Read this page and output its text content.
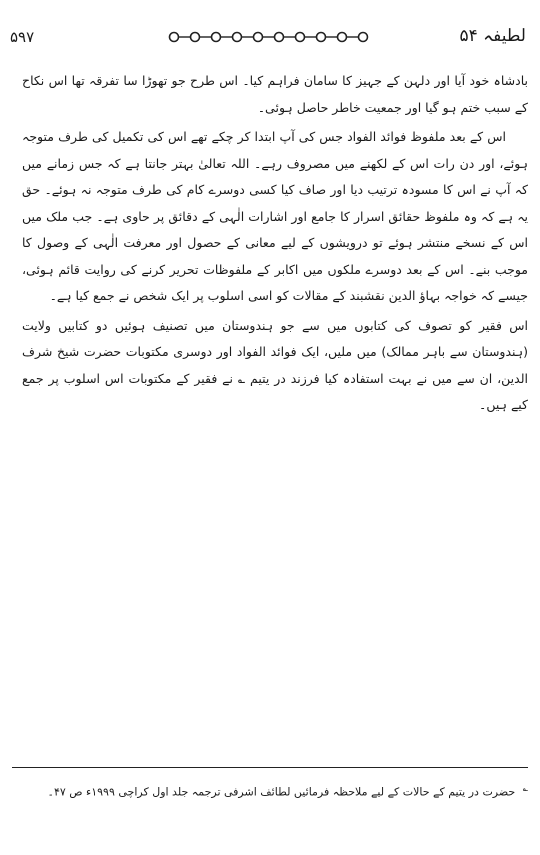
۵۹۷	لطیفہ ۵۴

بادشاہ خود آیا اور دلہن کے جہیز کا سامان فراہم کیا۔ اس طرح جو تھوڑا سا تفرقہ تھا اس نکاح کے سبب ختم ہو گیا اور جمعیت خاطر حاصل ہوئی۔

اس کے بعد ملفوظ فوائد الفواد جس کی آپ ابتدا کر چکے تھے اس کی تکمیل کی طرف متوجہ ہوئے، اور دن رات اس کے لکھنے میں مصروف رہے۔ اللہ تعالیٰ بہتر جانتا ہے کہ جس زمانے میں کہ آپ نے اس کا مسودہ ترتیب دیا اور صاف کیا کسی دوسرے کام کی طرف متوجہ نہ ہوئے۔ حق یہ ہے کہ وہ ملفوظ حقائق اسرار کا جامع اور اشارات الٰہی کے دقائق پر حاوی ہے۔ جب ملک میں اس کے نسخے منتشر ہوئے تو درویشوں کے لیے معانی کے حصول اور معرفت الٰہی کے وصول کا موجب بنے۔ اس کے بعد دوسرے ملکوں میں اکابر کے ملفوظات تحریر کرنے کی روایت قائم ہوئی، جیسے کہ خواجہ بہاؤ الدین نقشبند کے مقالات کو اسی اسلوب پر ایک شخص نے جمع کیا ہے۔

اس فقیر کو تصوف کی کتابوں میں سے جو ہندوستان میں تصنیف ہوئیں دو کتابیں ولایت (ہندوستان سے باہر ممالک) میں ملیں، ایک فوائد الفواد اور دوسری مکتوبات حضرت شیخ شرف الدین، ان سے میں نے بہت استفادہ کیا فرزند در یتیم ؎ نے فقیر کے مکتوبات اس اسلوب پر جمع کیے ہیں۔

؎ حضرت در یتیم کے حالات کے لیے ملاحظہ فرمائیں لطائف اشرفی ترجمہ جلد اول کراچی ۱۹۹۹ء ص ۴۷۔
